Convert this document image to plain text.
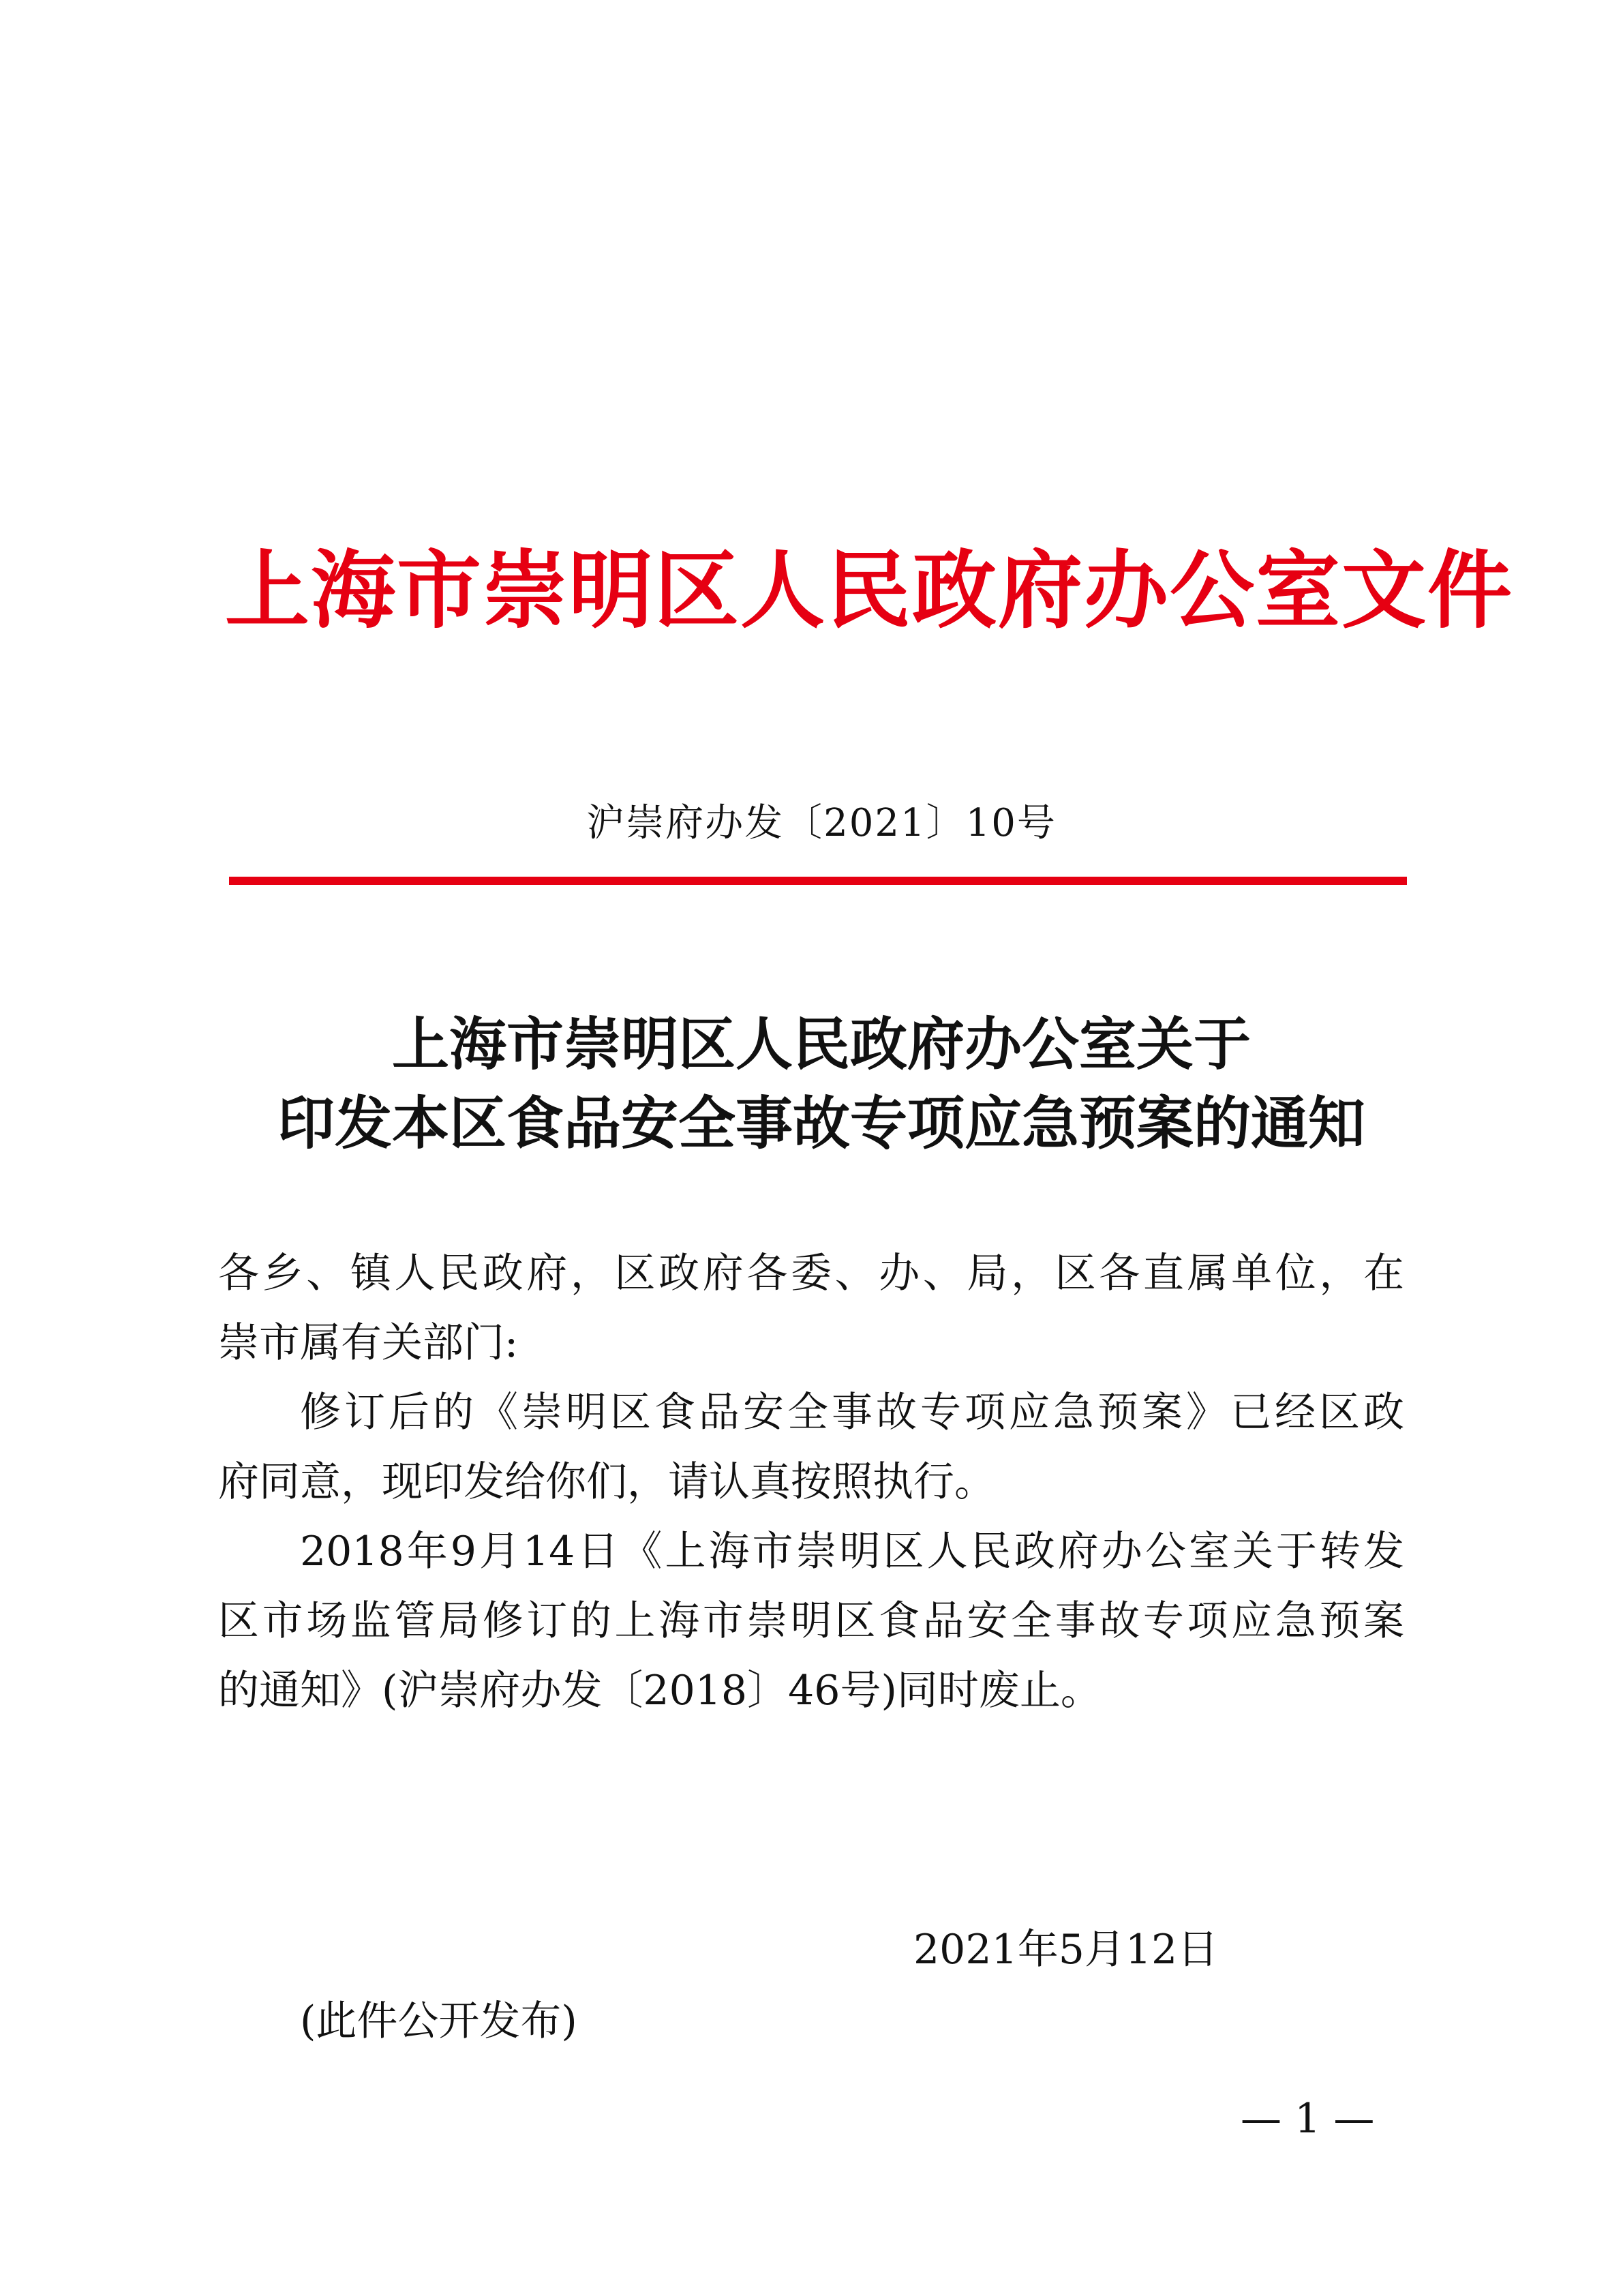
上海市崇明区人民政府办公室文件
沪崇府办发〔2021〕10号
上海市崇明区人民政府办公室关于
印发本区食品安全事故专项应急预案的通知
各乡、镇人民政府，区政府各委、办、局，区各直属单位，在
崇市属有关部门:
修订后的《崇明区食品安全事故专项应急预案》已经区政
府同意，现印发给你们，请认真按照执行。
2018年9月14日《上海市崇明区人民政府办公室关于转发
区市场监管局修订的上海市崇明区食品安全事故专项应急预案
的通知》(沪崇府办发〔2018〕46号)同时废止。
2021年5月12日
(此件公开发布)
— 1 —
